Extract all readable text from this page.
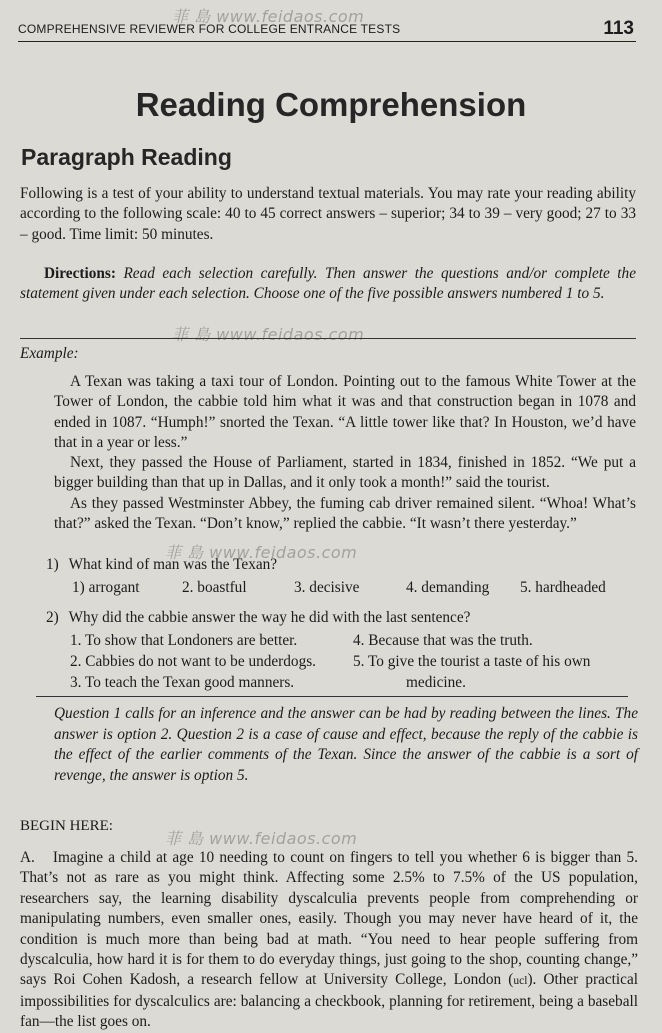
菲 島 www.feidaos.com
菲 島 www.feidaos.com
菲 島 www.feidaos.com
菲 島 www.feidaos.com
COMPREHENSIVE REVIEWER FOR COLLEGE ENTRANCE TESTS	113
Reading Comprehension
Paragraph Reading
Following is a test of your ability to understand textual materials. You may rate your reading ability according to the following scale: 40 to 45 correct answers – superior; 34 to 39 – very good; 27 to 33 – good. Time limit: 50 minutes.
Directions: Read each selection carefully. Then answer the questions and/or complete the statement given under each selection. Choose one of the five possible answers numbered 1 to 5.
Example:

A Texan was taking a taxi tour of London. Pointing out to the famous White Tower at the Tower of London, the cabbie told him what it was and that construction began in 1078 and ended in 1087. “Humph!” snorted the Texan. “A little tower like that? In Houston, we’d have that in a year or less.”

Next, they passed the House of Parliament, started in 1834, finished in 1852. “We put a bigger building than that up in Dallas, and it only took a month!” said the tourist.

As they passed Westminster Abbey, the fuming cab driver remained silent. “Whoa! What’s that?” asked the Texan. “Don’t know,” replied the cabbie. “It wasn’t there yesterday.”

1) What kind of man was the Texan?
1) arrogant	2. boastful	3. decisive	4. demanding 5. hardheaded
2) Why did the cabbie answer the way he did with the last sentence?
1. To show that Londoners are better.
2. Cabbies do not want to be underdogs.
3. To teach the Texan good manners.
4. Because that was the truth.
5. To give the tourist a taste of his own
medicine.
Question 1 calls for an inference and the answer can be had by reading between the lines. The answer is option 2. Question 2 is a case of cause and effect, because the reply of the cabbie is the effect of the earlier comments of the Texan. Since the answer of the cabbie is a sort of revenge, the answer is option 5.
BEGIN HERE:
A. Imagine a child at age 10 needing to count on fingers to tell you whether 6 is bigger than 5. That’s not as rare as you might think. Affecting some 2.5% to 7.5% of the US population, researchers say, the learning disability dyscalculia prevents people from comprehending or manipulating numbers, even smaller ones, easily. Though you may never have heard of it, the condition is much more than being bad at math. “You need to hear people suffering from dyscalculia, how hard it is for them to do everyday things, just going to the shop, counting change,” says Roi Cohen Kadosh, a research fellow at University College, London (ucl). Other practical impossibilities for dyscalculics are: balancing a checkbook, planning for retirement, being a baseball fan—the list goes on.
